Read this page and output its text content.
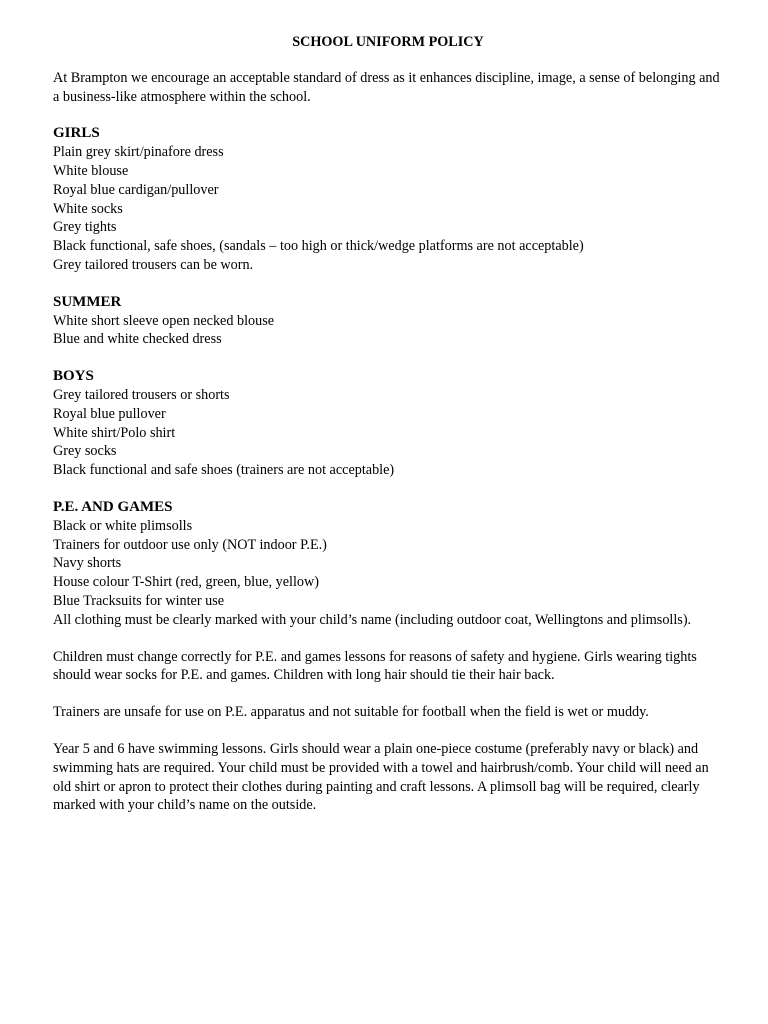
SCHOOL UNIFORM POLICY
At Brampton we encourage an acceptable standard of dress as it enhances discipline, image, a sense of belonging and a business-like atmosphere within the school.
GIRLS
Plain grey skirt/pinafore dress
White blouse
Royal blue cardigan/pullover
White socks
Grey tights
Black functional, safe shoes, (sandals – too high or thick/wedge platforms are not acceptable)
Grey tailored trousers can be worn.
SUMMER
White short sleeve open necked blouse
Blue and white checked dress
BOYS
Grey tailored trousers or shorts
Royal blue pullover
White shirt/Polo shirt
Grey socks
Black functional and safe shoes (trainers are not acceptable)
P.E. AND GAMES
Black or white plimsolls
Trainers for outdoor use only (NOT indoor P.E.)
Navy shorts
House colour T-Shirt (red, green, blue, yellow)
Blue Tracksuits for winter use
All clothing must be clearly marked with your child’s name (including outdoor coat, Wellingtons and plimsolls).
Children must change correctly for P.E. and games lessons for reasons of safety and hygiene. Girls wearing tights should wear socks for P.E. and games. Children with long hair should tie their hair back.
Trainers are unsafe for use on P.E. apparatus and not suitable for football when the field is wet or muddy.
Year 5 and 6 have swimming lessons. Girls should wear a plain one-piece costume (preferably navy or black) and swimming hats are required. Your child must be provided with a towel and hairbrush/comb. Your child will need an old shirt or apron to protect their clothes during painting and craft lessons. A plimsoll bag will be required, clearly marked with your child’s name on the outside.
